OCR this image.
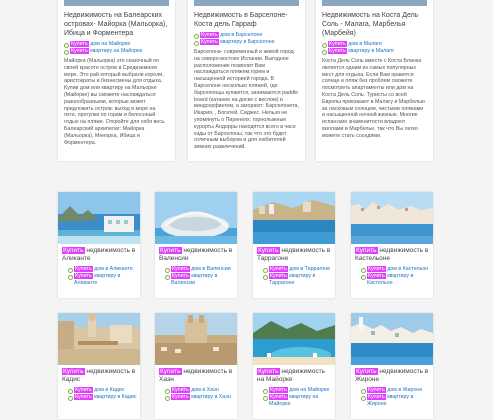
Недвижимость на Балеарских островах- Майорка (Мальорка), Ибица и Форментера
Купить дом на Майорке
Купить квартиру на Майорке

Майорка (Мальорка) это сказочный по своей красоте остров в Средиземном море. Это рай который выбрали короли, аристократы и бизнесмены для отдыха. Купив дом или квартиру на Мальорке (Майорке) вы сможете наслаждаться разнообразными, которые может предложить остров: выход в море на яхте, прогулки по горам и белоснный отдых на пляже. Откройте для себя весь Балеарский архипелаг: Майорка (Мальорка), Менорка, Ибица и Форментера.

Недвижимость в Барселоне- Коста дель Гарраф
Купить дом в Барселоне
Купить квартиру в Барселоне

Барселона- современный и живой город на северо-востоке Испании. Выгодное расположение позволит Вам наслаждаться пляжем,горем и насыщенной историей города. В Барселоне несколько пляжей, где барселонцы купаются, занимаются paddle board (катание на доске с веслом) и виндсерфингом, а загорают: Барселонета, Икария, , Богатей, Сиджес. Нельзя не упомянуть о Пиренеях: горнолыжные курорты Андорры находятся всего в часе езды от Барселоны, так что это будет отличным выбором и для любителей зимних развлечений.

Недвижимость на Коста Дель Соль - Малага, Марбелья (Марбейя)
Купить дом в Малаге
Купить квартиру в Малаге

Коста Дель Соль вместе с Коста Бланка является одним из самых популярных мест для отдыха. Если Вам нравятся солнце и пляж без проблем сможете посмотреть апартаменты или дом на Коста Дель Соль. Туристы со всей Европы приезжают в Малагу и Марбелью за ласковым солнцем, чистыми пляжами и насыщенной ночной жизнью. Многие испанские знаменитости владеют виллами в Марбелье, так что Вы легко можете стать соседями.

Купить недвижимость в Аликанте
Купить дом в Аликанте
Купить квартиру в Аликанте
Купить недвижимость в Валенсии
Купить дом в Валенсии
Купить квартиру в Валенсии
Купить недвижимость в Таррагоне
Купить дом в Таррагоне
Купить квартиру в Таррагоне
Купить недвижимость в Кастельоне
Купить дом в Кастельон
Купить квартиру в Кастельон
Купить недвижимость в Кадис
Купить дом в Кадис
Купить квартиру в Кадис
Купить недвижимость в Хаэн
Купить дом в Хаэн
Купить квартиру в Хаэн
Купить недвижимость на Майорке
Купить дом на Майорке
Купить квартиру на Майорке
Купить недвижимость в Жироне
Купить дом в Жироне
Купить квартиру в Жироне
